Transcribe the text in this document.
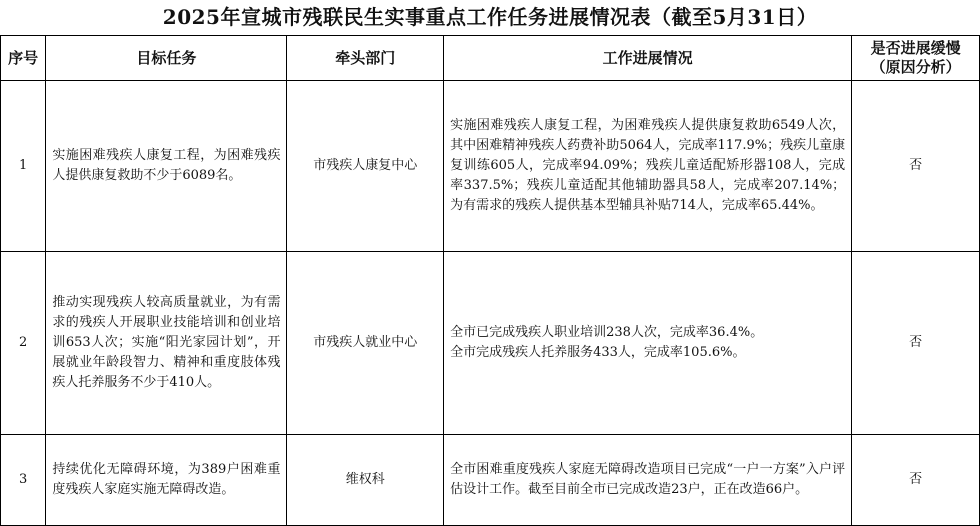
2025年宣城市残联民生实事重点工作任务进展情况表（截至5月31日）
序号	目标任务	牵头部门	工作进展情况	是否进展缓慢
（原因分析）

1	实施困难残疾人康复工程，为困难残疾人提供康复救助不少于6089名。	市残疾人康复中心	实施困难残疾人康复工程，为困难残疾人提供康复救助6549人次，其中困难精神残疾人药费补助5064人，完成率117.9%；残疾儿童康复训练605人，完成率94.09%；残疾儿童适配矫形器108人，完成率337.5%；残疾儿童适配其他辅助器具58人，完成率207.14%；为有需求的残疾人提供基本型辅具补贴714人，完成率65.44%。	否
2	推动实现残疾人较高质量就业，为有需求的残疾人开展职业技能培训和创业培训653人次；实施“阳光家园计划”，开展就业年龄段智力、精神和重度肢体残疾人托养服务不少于410人。	市残疾人就业中心	全市已完成残疾人职业培训238人次，完成率36.4%。
全市完成残疾人托养服务433人，完成率105.6%。	否
3	持续优化无障碍环境，为389户困难重度残疾人家庭实施无障碍改造。	维权科	全市困难重度残疾人家庭无障碍改造项目已完成“一户一方案”入户评估设计工作。截至目前全市已完成改造23户，正在改造66户。	否
